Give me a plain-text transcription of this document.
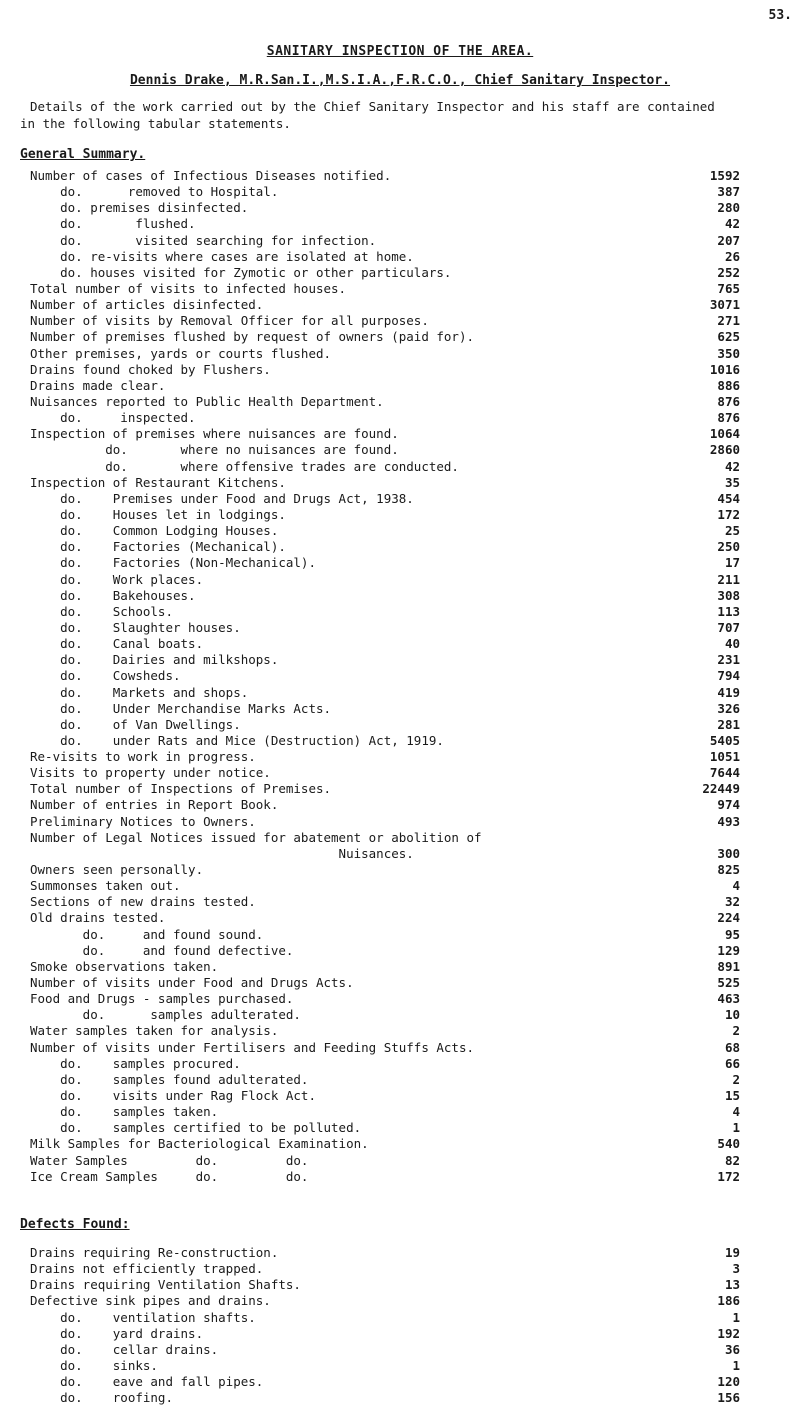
53.
SANITARY INSPECTION OF THE AREA.
Dennis Drake, M.R.San.I.,M.S.I.A.,F.R.C.O., Chief Sanitary Inspector.
Details of the work carried out by the Chief Sanitary Inspector and his staff are contained
in the following tabular statements.
General Summary.
Number of cases of Infectious Diseases notified.	1592
do.      removed to Hospital.	387
do. premises disinfected.	280
do.       flushed.	42
do.       visited searching for infection.	207
do. re-visits where cases are isolated at home.	26
do. houses visited for Zymotic or other particulars.	252
Total number of visits to infected houses.	765
Number of articles disinfected.	3071
Number of visits by Removal Officer for all purposes.	271
Number of premises flushed by request of owners (paid for).	625
Other premises, yards or courts flushed.	350
Drains found choked by Flushers.	1016
Drains made clear.	886
Nuisances reported to Public Health Department.	876
do.     inspected.	876
Inspection of premises where nuisances are found.	1064
do.       where no nuisances are found.	2860
do.       where offensive trades are conducted.	42
Inspection of Restaurant Kitchens.	35
do.    Premises under Food and Drugs Act, 1938.	454
do.    Houses let in lodgings.	172
do.    Common Lodging Houses.	25
do.    Factories (Mechanical).	250
do.    Factories (Non-Mechanical).	17
do.    Work places.	211
do.    Bakehouses.	308
do.    Schools.	113
do.    Slaughter houses.	707
do.    Canal boats.	40
do.    Dairies and milkshops.	231
do.    Cowsheds.	794
do.    Markets and shops.	419
do.    Under Merchandise Marks Acts.	326
do.    of Van Dwellings.	281
do.    under Rats and Mice (Destruction) Act, 1919.	5405
Re-visits to work in progress.	1051
Visits to property under notice.	7644
Total number of Inspections of Premises.	22449
Number of entries in Report Book.	974
Preliminary Notices to Owners.	493
Number of Legal Notices issued for abatement or abolition of
Nuisances.	300
Owners seen personally.	825
Summonses taken out.	4
Sections of new drains tested.	32
Old drains tested.	224
do.     and found sound.	95
do.     and found defective.	129
Smoke observations taken.	891
Number of visits under Food and Drugs Acts.	525
Food and Drugs - samples purchased.	463
do.      samples adulterated.	10
Water samples taken for analysis.	2
Number of visits under Fertilisers and Feeding Stuffs Acts.	68
do.    samples procured.	66
do.    samples found adulterated.	2
do.    visits under Rag Flock Act.	15
do.    samples taken.	4
do.    samples certified to be polluted.	1
Milk Samples for Bacteriological Examination.	540
Water Samples         do.         do.	82
Ice Cream Samples     do.         do.	172
Defects Found:
Drains requiring Re-construction.	19
Drains not efficiently trapped.	3
Drains requiring Ventilation Shafts.	13
Defective sink pipes and drains.	186
do.    ventilation shafts.	1
do.    yard drains.	192
do.    cellar drains.	36
do.    sinks.	1
do.    eave and fall pipes.	120
do.    roofing.	156
